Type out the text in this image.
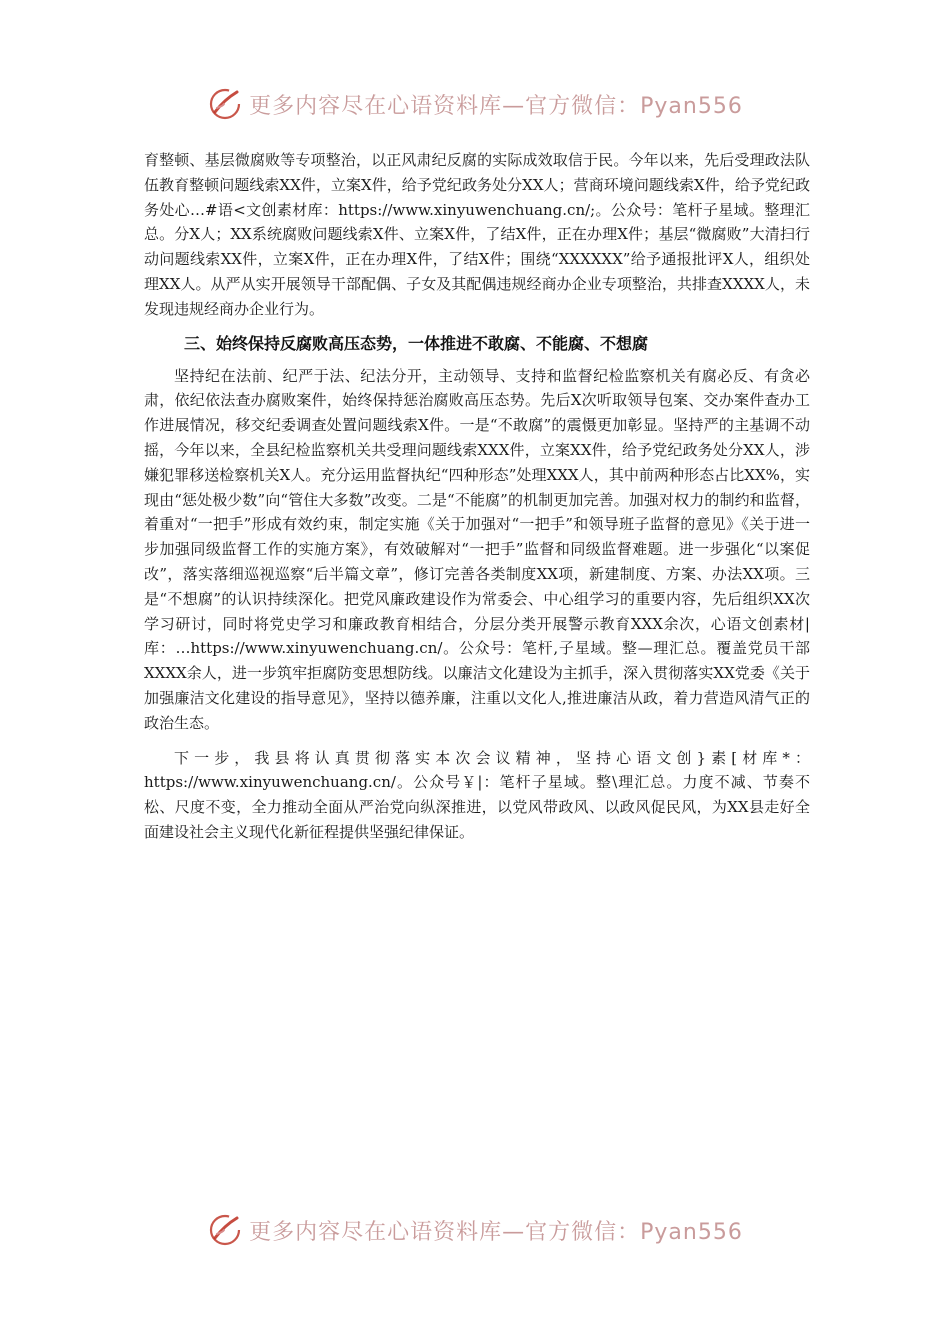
更多内容尽在心语资料库—官方微信：Pyan556

育整顿、基层微腐败等专项整治，以正风肃纪反腐的实际成效取信于民。今年以来，先后受理政法队伍教育整顿问题线索XX件，立案X件，给予党纪政务处分XX人；营商环境问题线索X件，给予党纪政务处心…#语<文创素材库：https://www.xinyuwenchuang.cn/;。公众号：笔杆子星域。整理汇总。分X人；XX系统腐败问题线索X件、立案X件，了结X件，正在办理X件；基层“微腐败”大清扫行动问题线索XX件，立案X件，正在办理X件，了结X件；围绕“XXXXXX”给予通报批评X人，组织处理XX人。从严从实开展领导干部配偶、子女及其配偶违规经商办企业专项整治，共排查XXXX人，未发现违规经商办企业行为。

三、始终保持反腐败高压态势，一体推进不敢腐、不能腐、不想腐

坚持纪在法前、纪严于法、纪法分开，主动领导、支持和监督纪检监察机关有腐必反、有贪必肃，依纪依法查办腐败案件，始终保持惩治腐败高压态势。先后X次听取领导包案、交办案件查办工作进展情况，移交纪委调查处置问题线索X件。一是“不敢腐”的震慑更加彰显。坚持严的主基调不动摇，今年以来，全县纪检监察机关共受理问题线索XXX件，立案XX件，给予党纪政务处分XX人，涉嫌犯罪移送检察机关X人。充分运用监督执纪“四种形态”处理XXX人，其中前两种形态占比XX%，实现由“惩处极少数”向“管住大多数”改变。二是“不能腐”的机制更加完善。加强对权力的制约和监督，着重对“一把手”形成有效约束，制定实施《关于加强对“一把手”和领导班子监督的意见》《关于进一步加强同级监督工作的实施方案》，有效破解对“一把手”监督和同级监督难题。进一步强化“以案促改”，落实落细巡视巡察“后半篇文章”，修订完善各类制度XX项，新建制度、方案、办法XX项。三是“不想腐”的认识持续深化。把党风廉政建设作为常委会、中心组学习的重要内容，先后组织XX次学习研讨，同时将党史学习和廉政教育相结合，分层分类开展警示教育XXX余次，心语文创素材|库：…https://www.xinyuwenchuang.cn/。公众号：笔杆,子星域。整—理汇总。覆盖党员干部XXXX余人，进一步筑牢拒腐防变思想防线。以廉洁文化建设为主抓手，深入贯彻落实XX党委《关于加强廉洁文化建设的指导意见》，坚持以德养廉，注重以文化人,推进廉洁从政，着力营造风清气正的政治生态。

下一步，我县将认真贯彻落实本次会议精神，坚持心语文创}素[材库*：https://www.xinyuwenchuang.cn/。公众号￥|：笔杆子星域。整\理汇总。力度不减、节奏不松、尺度不变，全力推动全面从严治党向纵深推进，以党风带政风、以政风促民风，为XX县走好全面建设社会主义现代化新征程提供坚强纪律保证。

更多内容尽在心语资料库—官方微信：Pyan556
